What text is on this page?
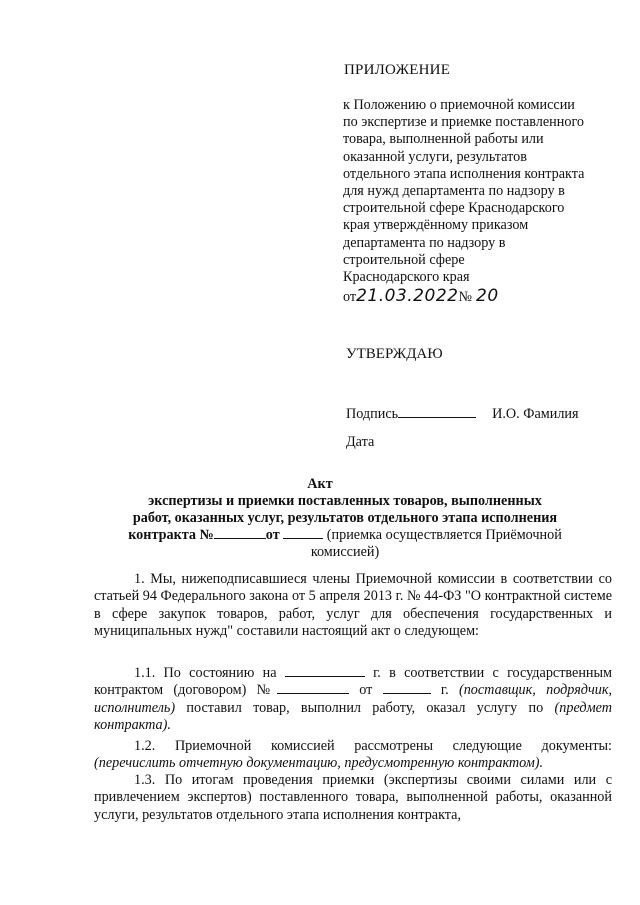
ПРИЛОЖЕНИЕ
к Положению о приемочной комиссии
по экспертизе и приемке поставленного
товара, выполненной работы или
оказанной услуги, результатов
отдельного этапа исполнения контракта
для нужд департамента по надзору в
строительной сфере Краснодарского
края утверждённому приказом
департамента по надзору в
строительной сфере
Краснодарского края
от 21.03.2022 № 20
УТВЕРЖДАЮ
Подпись	И.О. Фамилия
Дата
Акт
экспертизы и приемки поставленных товаров, выполненных
работ, оказанных услуг, результатов отдельного этапа исполнения
контракта №	от	(приемка осуществляется Приёмочной комиссией)
1. Мы, нижеподписавшиеся члены Приемочной комиссии в соответствии со статьей 94 Федерального закона от 5 апреля 2013 г. № 44-ФЗ "О контрактной системе в сфере закупок товаров, работ, услуг для обеспечения государственных и муниципальных нужд" составили настоящий акт о следующем:
1.1. По состоянию на	г. в соответствии с государственным контрактом (договором) №	от	г. (поставщик, подрядчик, исполнитель) поставил товар, выполнил работу, оказал услугу по (предмет контракта).
1.2. Приемочной комиссией рассмотрены следующие документы: (перечислить отчетную документацию, предусмотренную контрактом).
1.3. По итогам проведения приемки (экспертизы своими силами или с привлечением экспертов) поставленного товара, выполненной работы, оказанной услуги, результатов отдельного этапа исполнения контракта,
